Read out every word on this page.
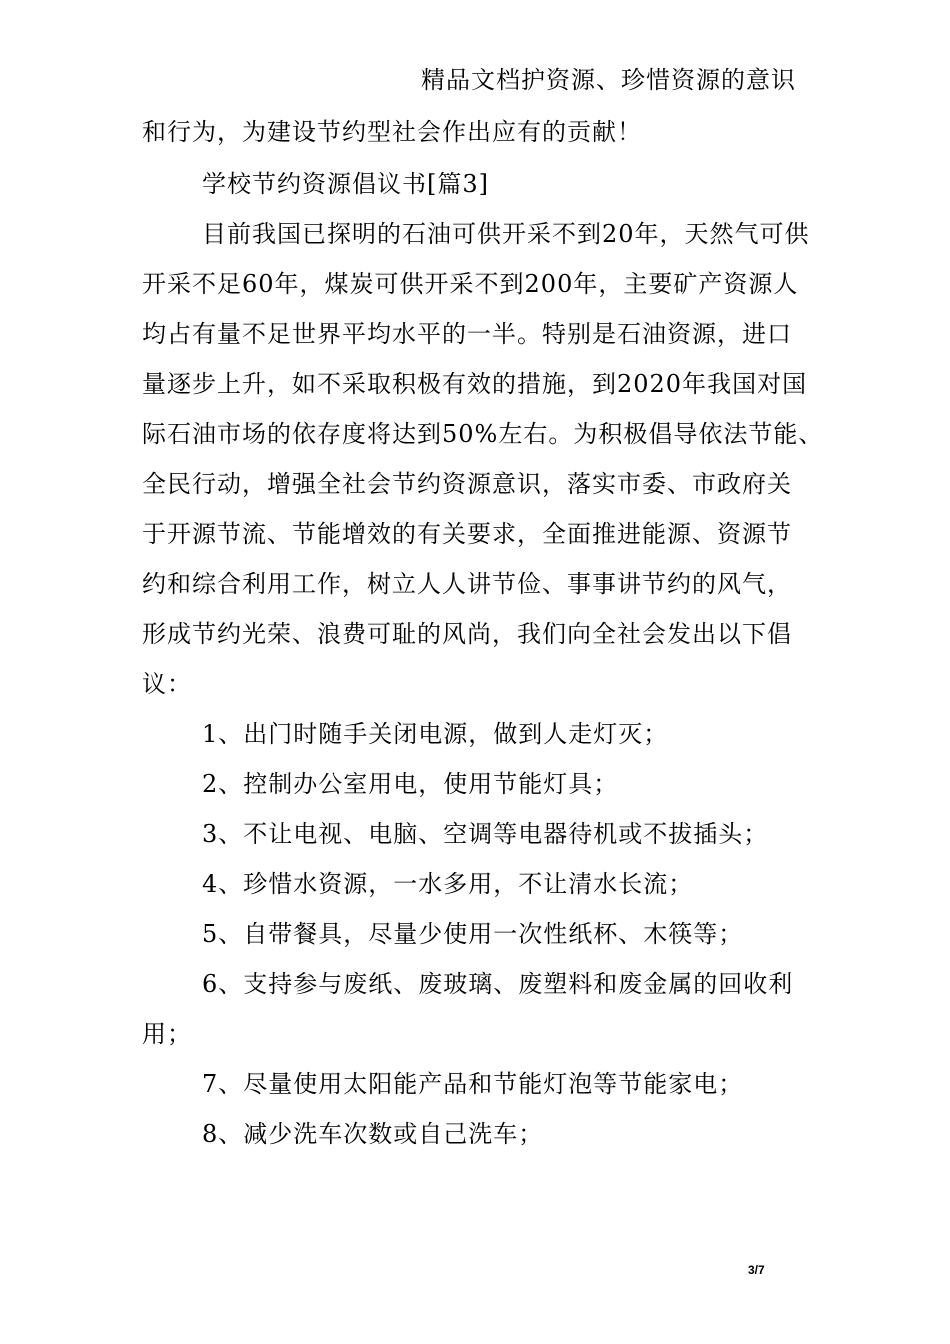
精品文档护资源、珍惜资源的意识
和行为，为建设节约型社会作出应有的贡献！
学校节约资源倡议书[篇3]
目前我国已探明的石油可供开采不到20年，天然气可供
开采不足60年，煤炭可供开采不到200年，主要矿产资源人
均占有量不足世界平均水平的一半。特别是石油资源，进口
量逐步上升，如不采取积极有效的措施，到2020年我国对国
际石油市场的依存度将达到50%左右。为积极倡导依法节能、
全民行动，增强全社会节约资源意识，落实市委、市政府关
于开源节流、节能增效的有关要求，全面推进能源、资源节
约和综合利用工作，树立人人讲节俭、事事讲节约的风气，
形成节约光荣、浪费可耻的风尚，我们向全社会发出以下倡
议：
1、出门时随手关闭电源，做到人走灯灭；
2、控制办公室用电，使用节能灯具；
3、不让电视、电脑、空调等电器待机或不拔插头；
4、珍惜水资源，一水多用，不让清水长流；
5、自带餐具，尽量少使用一次性纸杯、木筷等；
6、支持参与废纸、废玻璃、废塑料和废金属的回收利
用；
7、尽量使用太阳能产品和节能灯泡等节能家电；
8、减少洗车次数或自己洗车；
3/7
